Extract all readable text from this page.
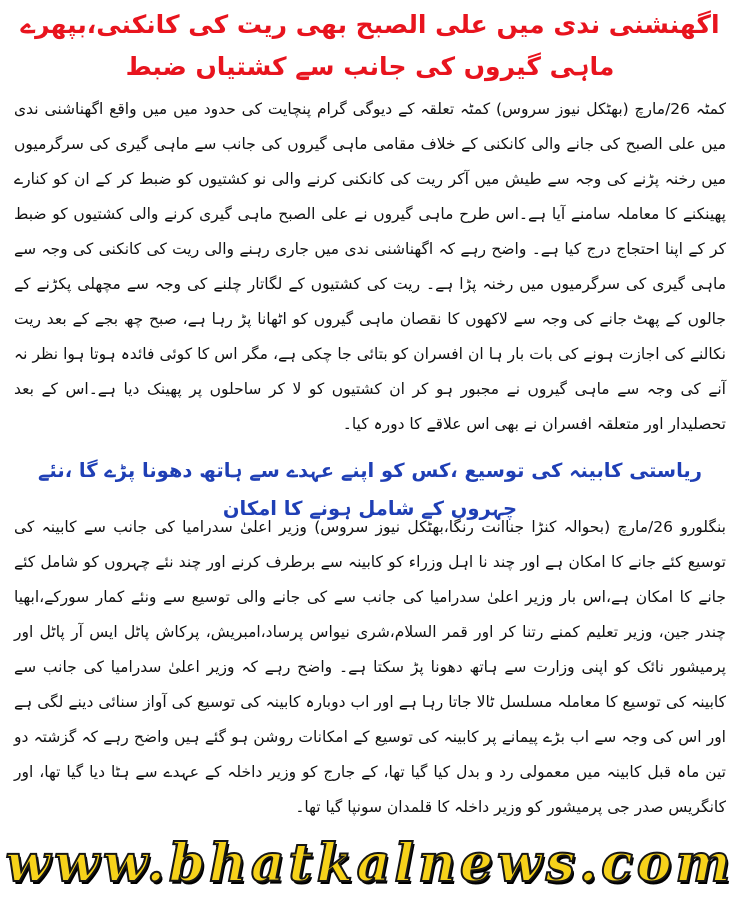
اگھنشنی ندی میں علی الصبح بھی ریت کی کانکنی،بپھرے ماہی گیروں کی جانب سے کشتیاں ضبط
کمٹہ 26/مارچ (بھٹکل نیوز سروس) کمٹہ تعلقہ کے دیوگی گرام پنچایت کی حدود میں میں واقع اگھناشنی ندی میں علی الصبح کی جانے والی کانکنی کے خلاف مقامی ماہی گیروں کی جانب سے ماہی گیری کی سرگرمیوں میں رخنہ پڑنے کی وجہ سے طیش میں آکر ریت کی کانکنی کرنے والی نو کشتیوں کو ضبط کر کے ان کو کنارے پھینکنے کا معاملہ سامنے آیا ہے۔اس طرح ماہی گیروں نے علی الصبح ماہی گیری کرنے والی کشتیوں کو ضبط کر کے اپنا احتجاج درج کیا ہے۔ واضح رہے کہ اگھناشنی ندی میں جاری رہنے والی ریت کی کانکنی کی وجہ سے ماہی گیری کی سرگرمیوں میں رخنہ پڑا ہے۔ ریت کی کشتیوں کے لگاتار چلنے کی وجہ سے مچھلی پکڑنے کے جالوں کے پھٹ جانے کی وجہ سے لاکھوں کا نقصان ماہی گیروں کو اٹھانا پڑ رہا ہے، صبح چھ بجے کے بعد ریت نکالنے کی اجازت ہونے کی بات بار ہا ان افسران کو بتائی جا چکی ہے، مگر اس کا کوئی فائدہ ہوتا ہوا نظر نہ آنے کی وجہ سے ماہی گیروں نے مجبور ہو کر ان کشتیوں کو لا کر ساحلوں پر پھینک دیا ہے۔اس کے بعد تحصلیدار اور متعلقہ افسران نے بھی اس علاقے کا دورہ کیا۔
ریاستی کابینہ کی توسیع ،کس کو اپنے عہدے سے ہاتھ دھونا پڑے گا ،نئے چہروں کے شامل ہونے کا امکان
بنگلورو 26/مارچ (بحوالہ کنڑا جناانت رنگا،بھٹکل نیوز سروس) وزیر اعلیٰ سدرامیا کی جانب سے کابینہ کی توسیع کئے جانے کا امکان ہے اور چند نا اہل وزراء کو کابینہ سے برطرف کرنے اور چند نئے چہروں کو شامل کئے جانے کا امکان ہے،اس بار وزیر اعلیٰ سدرامیا کی جانب سے کی جانے والی توسیع سے ونئے کمار سورکے،ابھیا چندر جین، وزیر تعلیم کمنے رتنا کر اور قمر السلام،شری نیواس پرساد،امبریش، پرکاش پاٹل ایس آر پاٹل اور پرمیشور نائک کو اپنی وزارت سے ہاتھ دھونا پڑ سکتا ہے۔ واضح رہے کہ وزیر اعلیٰ سدرامیا کی جانب سے کابینہ کی توسیع کا معاملہ مسلسل ٹالا جاتا رہا ہے اور اب دوبارہ کابینہ کی توسیع کی آواز سنائی دینے لگی ہے اور اس کی وجہ سے اب بڑے پیمانے پر کابینہ کی توسیع کے امکانات روشن ہو گئے ہیں واضح رہے کہ گزشتہ دو تین ماہ قبل کابینہ میں معمولی رد و بدل کیا گیا تھا، کے جارج کو وزیر داخلہ کے عہدے سے ہٹا دیا گیا تھا، اور کانگریس صدر جی پرمیشور کو وزیر داخلہ کا قلمدان سونپا گیا تھا۔
www.bhatkalnews.com
